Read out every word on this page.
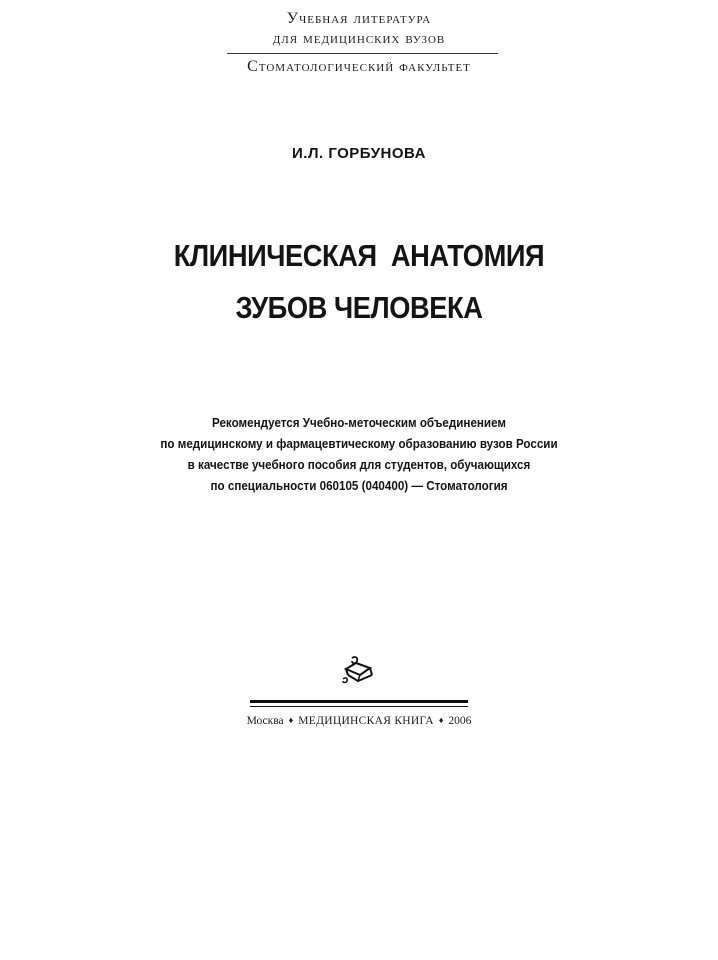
Учебная литература
для медицинских вузов
Стоматологический факультет
И.Л. ГОРБУНОВА
КЛИНИЧЕСКАЯ АНАТОМИЯ
ЗУБОВ ЧЕЛОВЕКА
Рекомендуется Учебно-меточеским объединением
по медицинскому и фармацевтическому образованию вузов России
в качестве учебного пособия для студентов, обучающихся
по специальности 060105 (040400) — Стоматология
Москва ♦ МЕДИЦИНСКАЯ КНИГА ♦ 2006
